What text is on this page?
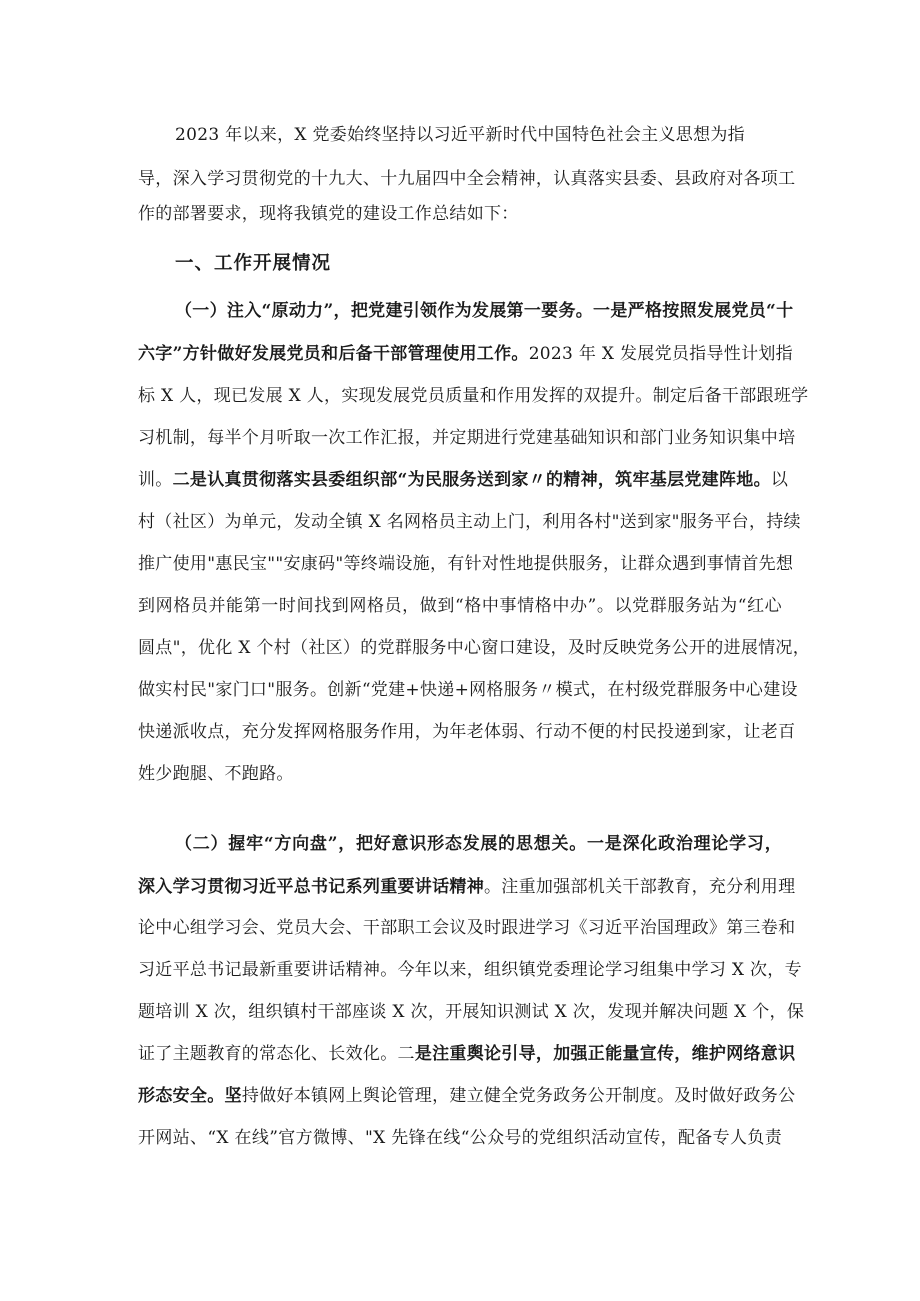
2023 年以来，X 党委始终坚持以习近平新时代中国特色社会主义思想为指
导，深入学习贯彻党的十九大、十九届四中全会精神，认真落实县委、县政府对各项工
作的部署要求，现将我镇党的建设工作总结如下：
一、工作开展情况
（一）注入“原动力”，把党建引领作为发展第一要务。一是严格按照发展党员“十
六字”方针做好发展党员和后备干部管理使用工作。2023 年 X 发展党员指导性计划指
标 X 人，现已发展 X 人，实现发展党员质量和作用发挥的双提升。制定后备干部跟班学
习机制，每半个月听取一次工作汇报，并定期进行党建基础知识和部门业务知识集中培
训。二是认真贯彻落实县委组织部“为民服务送到家〃的精神，筑牢基层党建阵地。以
村（社区）为单元，发动全镇 X 名网格员主动上门，利用各村"送到家"服务平台，持续
推广使用"惠民宝""安康码"等终端设施，有针对性地提供服务，让群众遇到事情首先想
到网格员并能第一时间找到网格员，做到“格中事情格中办”。以党群服务站为“红心
圆点"，优化 X 个村（社区）的党群服务中心窗口建设，及时反映党务公开的进展情况，
做实村民"家门口"服务。创新“党建+快递+网格服务〃模式，在村级党群服务中心建设
快递派收点，充分发挥网格服务作用，为年老体弱、行动不便的村民投递到家，让老百
姓少跑腿、不跑路。
（二）握牢“方向盘”，把好意识形态发展的思想关。一是深化政治理论学习，
深入学习贯彻习近平总书记系列重要讲话精神。注重加强部机关干部教育，充分利用理
论中心组学习会、党员大会、干部职工会议及时跟进学习《习近平治国理政》第三卷和
习近平总书记最新重要讲话精神。今年以来，组织镇党委理论学习组集中学习 X 次，专
题培训 X 次，组织镇村干部座谈 X 次，开展知识测试 X 次，发现并解决问题 X 个，保
证了主题教育的常态化、长效化。二是注重舆论引导，加强正能量宣传，维护网络意识
形态安全。坚持做好本镇网上舆论管理，建立健全党务政务公开制度。及时做好政务公
开网站、“X 在线”官方微博、"X 先锋在线“公众号的党组织活动宣传，配备专人负责
